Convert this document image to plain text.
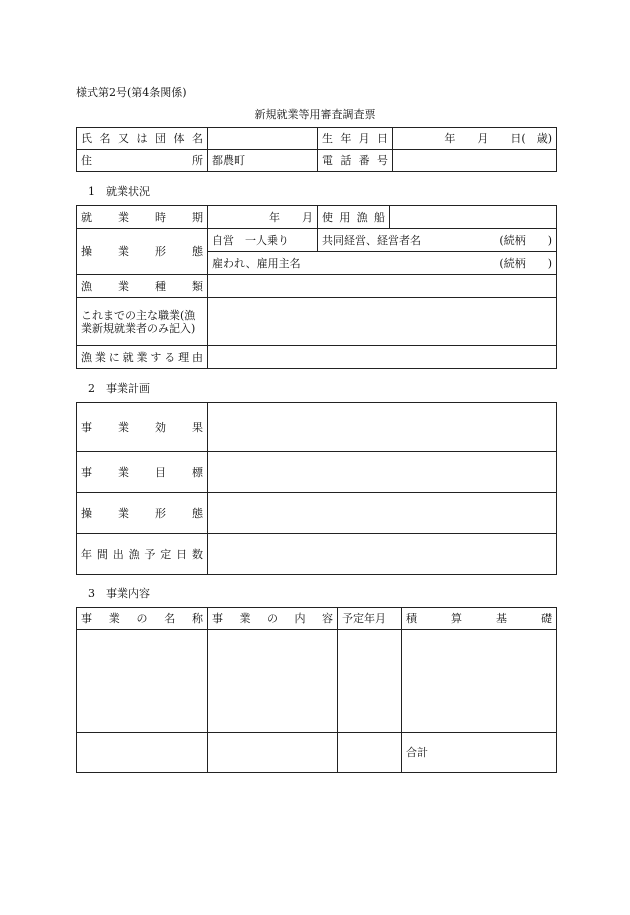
様式第2号(第4条関係)
新規就業等用審査調査票
氏名又は団体名		生年月日	年　　月　　日(　歳)
住所	都農町	電話番号	
1　就業状況
就業時期	年　　月	使用漁船	
操業形態	自営　一人乗り	共同経営、経営者名 (続柄　　)	

	雇われ、雇用主名 (続柄　　)		

漁業種類			
これまでの主な職業(漁業新規就業者のみ記入)			
漁業に就業する理由			
2　事業計画
事業効果	
事業目標	
操業形態	
年間出漁予定日数	
3　事業内容
事業の名称	事業の内容	予定年月	積算基礎

			合計
